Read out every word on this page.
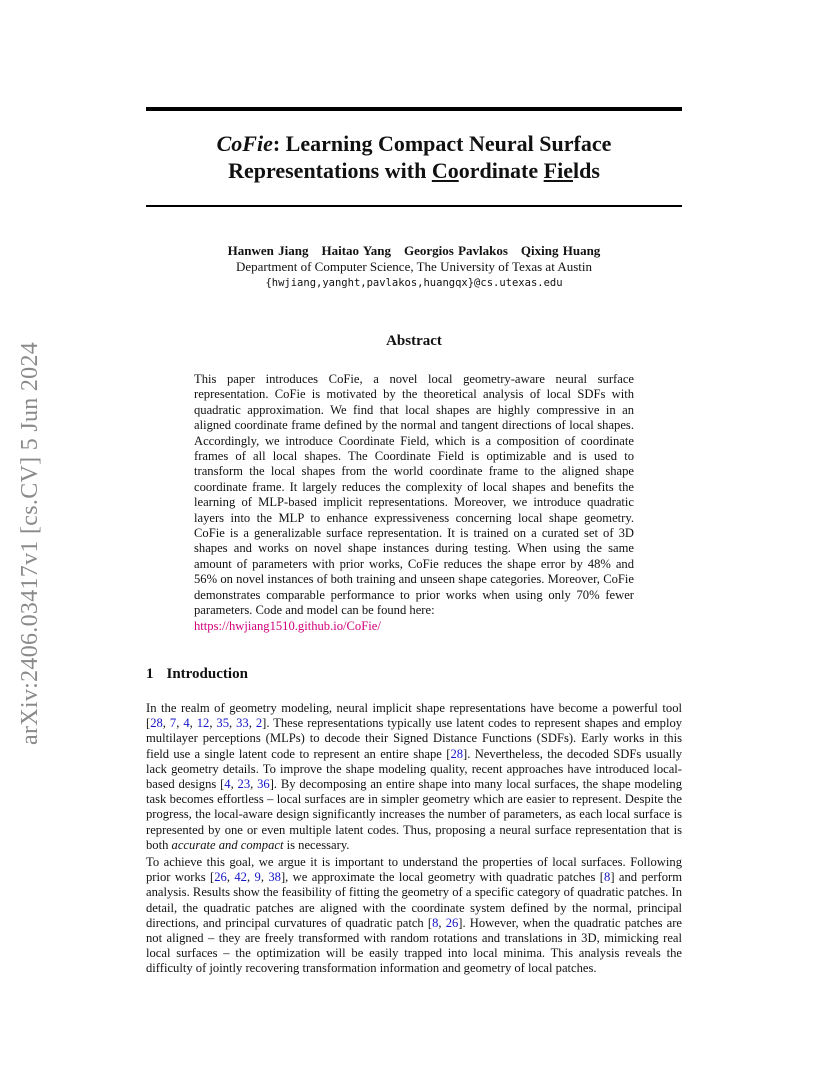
arXiv:2406.03417v1 [cs.CV] 5 Jun 2024
CoFie: Learning Compact Neural Surface
Representations with Coordinate Fields
Hanwen Jiang Haitao Yang Georgios Pavlakos Qixing Huang
Department of Computer Science, The University of Texas at Austin
{hwjiang,yanght,pavlakos,huangqx}@cs.utexas.edu
Abstract

This paper introduces CoFie, a novel local geometry-aware neural surface representation. CoFie is motivated by the theoretical analysis of local SDFs with quadratic approximation. We find that local shapes are highly compressive in an aligned coordinate frame defined by the normal and tangent directions of local shapes. Accordingly, we introduce Coordinate Field, which is a composition of coordinate frames of all local shapes. The Coordinate Field is optimizable and is used to transform the local shapes from the world coordinate frame to the aligned shape coordinate frame. It largely reduces the complexity of local shapes and benefits the learning of MLP-based implicit representations. Moreover, we introduce quadratic layers into the MLP to enhance expressiveness concerning local shape geometry. CoFie is a generalizable surface representation. It is trained on a curated set of 3D shapes and works on novel shape instances during testing. When using the same amount of parameters with prior works, CoFie reduces the shape error by 48% and 56% on novel instances of both training and unseen shape categories. Moreover, CoFie demonstrates comparable performance to prior works when using only 70% fewer parameters. Code and model can be found here:
https://hwjiang1510.github.io/CoFie/

1 Introduction

In the realm of geometry modeling, neural implicit shape representations have become a powerful tool [28, 7, 4, 12, 35, 33, 2]. These representations typically use latent codes to represent shapes and employ multilayer perceptions (MLPs) to decode their Signed Distance Functions (SDFs). Early works in this field use a single latent code to represent an entire shape [28]. Nevertheless, the decoded SDFs usually lack geometry details. To improve the shape modeling quality, recent approaches have introduced local-based designs [4, 23, 36]. By decomposing an entire shape into many local surfaces, the shape modeling task becomes effortless – local surfaces are in simpler geometry which are easier to represent. Despite the progress, the local-aware design significantly increases the number of parameters, as each local surface is represented by one or even multiple latent codes. Thus, proposing a neural surface representation that is both accurate and compact is necessary.

To achieve this goal, we argue it is important to understand the properties of local surfaces. Following prior works [26, 42, 9, 38], we approximate the local geometry with quadratic patches [8] and perform analysis. Results show the feasibility of fitting the geometry of a specific category of quadratic patches. In detail, the quadratic patches are aligned with the coordinate system defined by the normal, principal directions, and principal curvatures of quadratic patch [8, 26]. However, when the quadratic patches are not aligned – they are freely transformed with random rotations and translations in 3D, mimicking real local surfaces – the optimization will be easily trapped into local minima. This analysis reveals the difficulty of jointly recovering transformation information and geometry of local patches.
